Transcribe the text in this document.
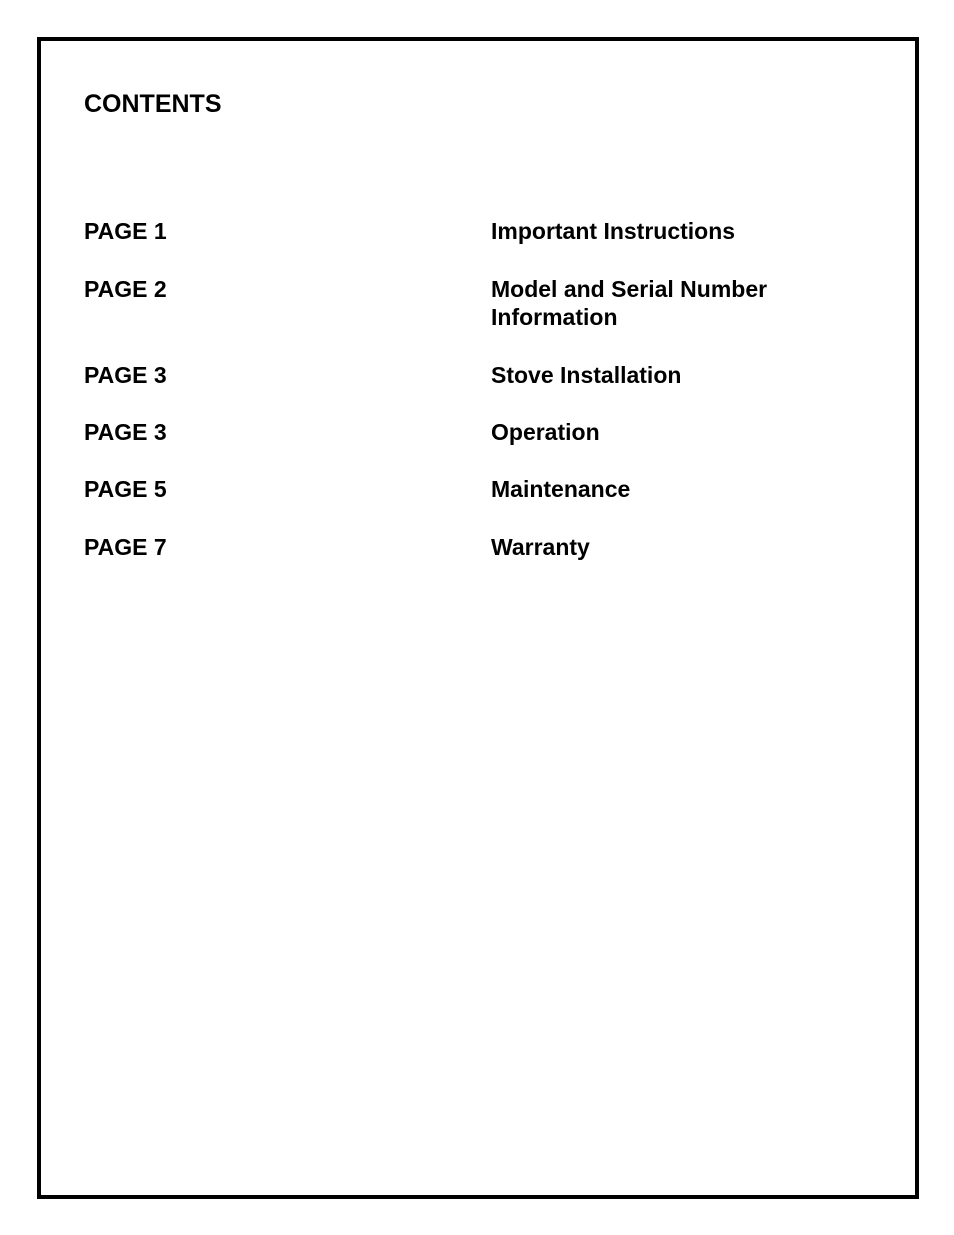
CONTENTS
PAGE 1	Important Instructions
PAGE 2	Model and Serial Number Information
PAGE 3	Stove Installation
PAGE 3	Operation
PAGE 5	Maintenance
PAGE 7	Warranty
